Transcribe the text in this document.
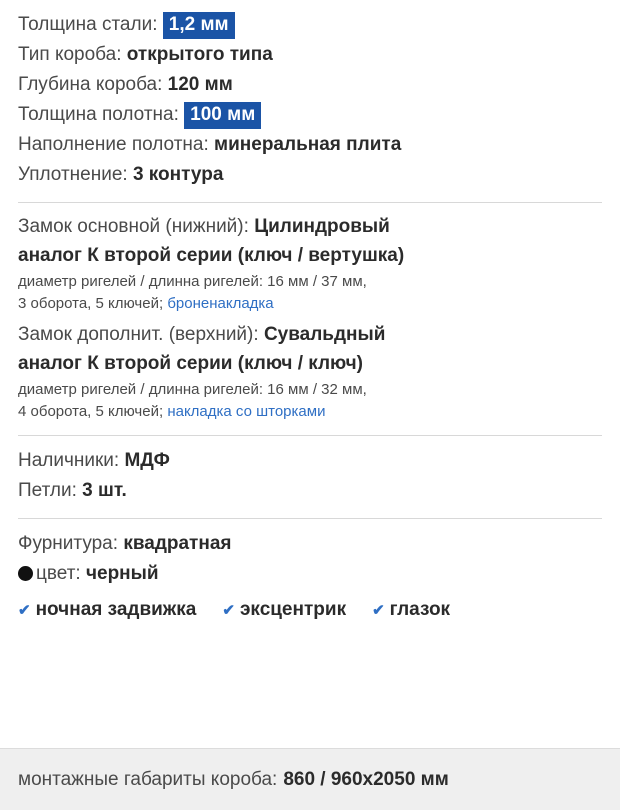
Толщина стали: 1,2 мм
Тип короба: открытого типа
Глубина короба: 120 мм
Толщина полотна: 100 мм
Наполнение полотна: минеральная плита
Уплотнение: 3 контура
Замок основной (нижний): Цилиндровый
аналог К второй серии (ключ / вертушка)
диаметр ригелей / длинна ригелей: 16 мм / 37 мм,
3 оборота, 5 ключей; броненакладка
Замок дополнит. (верхний): Сувальдный
аналог К второй серии (ключ / ключ)
диаметр ригелей / длинна ригелей: 16 мм / 32 мм,
4 оборота, 5 ключей; накладка со шторками
Наличники: МДФ
Петли: 3 шт.
Фурнитура: квадратная
цвет: черный
✔ ночная задвижка ✔ эксцентрик ✔ глазок
монтажные габариты короба: 860 / 960x2050 мм
